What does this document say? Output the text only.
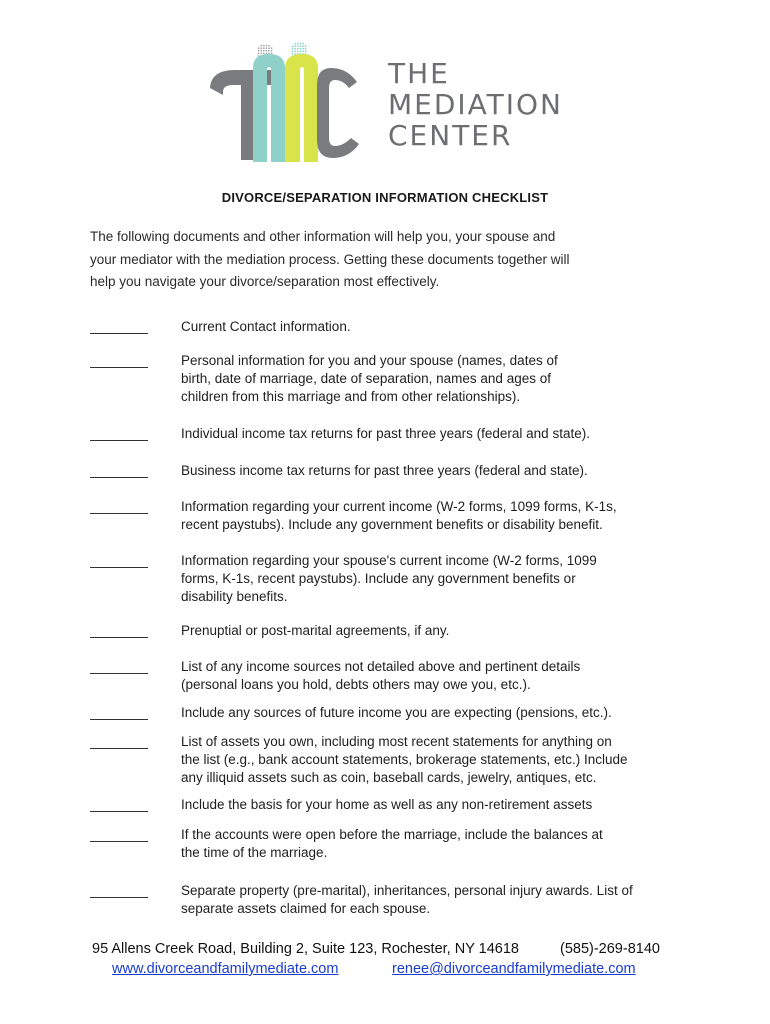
THE
MEDIATION
CENTER
DIVORCE/SEPARATION INFORMATION CHECKLIST

The following documents and other information will help you, your spouse and

your mediator with the mediation process. Getting these documents together will

help you navigate your divorce/separation most effectively.

Current Contact information.
Personal information for you and your spouse (names, dates of
birth, date of marriage, date of separation, names and ages of
children from this marriage and from other relationships).
Individual income tax returns for past three years (federal and state).
Business income tax returns for past three years (federal and state).
Information regarding your current income (W-2 forms, 1099 forms, K-1s,
recent paystubs). Include any government benefits or disability benefit.
Information regarding your spouse's current income (W-2 forms, 1099
forms, K-1s, recent paystubs). Include any government benefits or
disability benefits.
Prenuptial or post-marital agreements, if any.
List of any income sources not detailed above and pertinent details
(personal loans you hold, debts others may owe you, etc.).
Include any sources of future income you are expecting (pensions, etc.).
List of assets you own, including most recent statements for anything on
the list (e.g., bank account statements, brokerage statements, etc.) Include
any illiquid assets such as coin, baseball cards, jewelry, antiques, etc.
Include the basis for your home as well as any non-retirement assets
If the accounts were open before the marriage, include the balances at
the time of the marriage.
Separate property (pre-marital), inheritances, personal injury awards. List of
separate assets claimed for each spouse.
95 Allens Creek Road, Building 2, Suite 123, Rochester, NY 14618	(585)-269-8140
www.divorceandfamilymediate.com	renee@divorceandfamilymediate.com
